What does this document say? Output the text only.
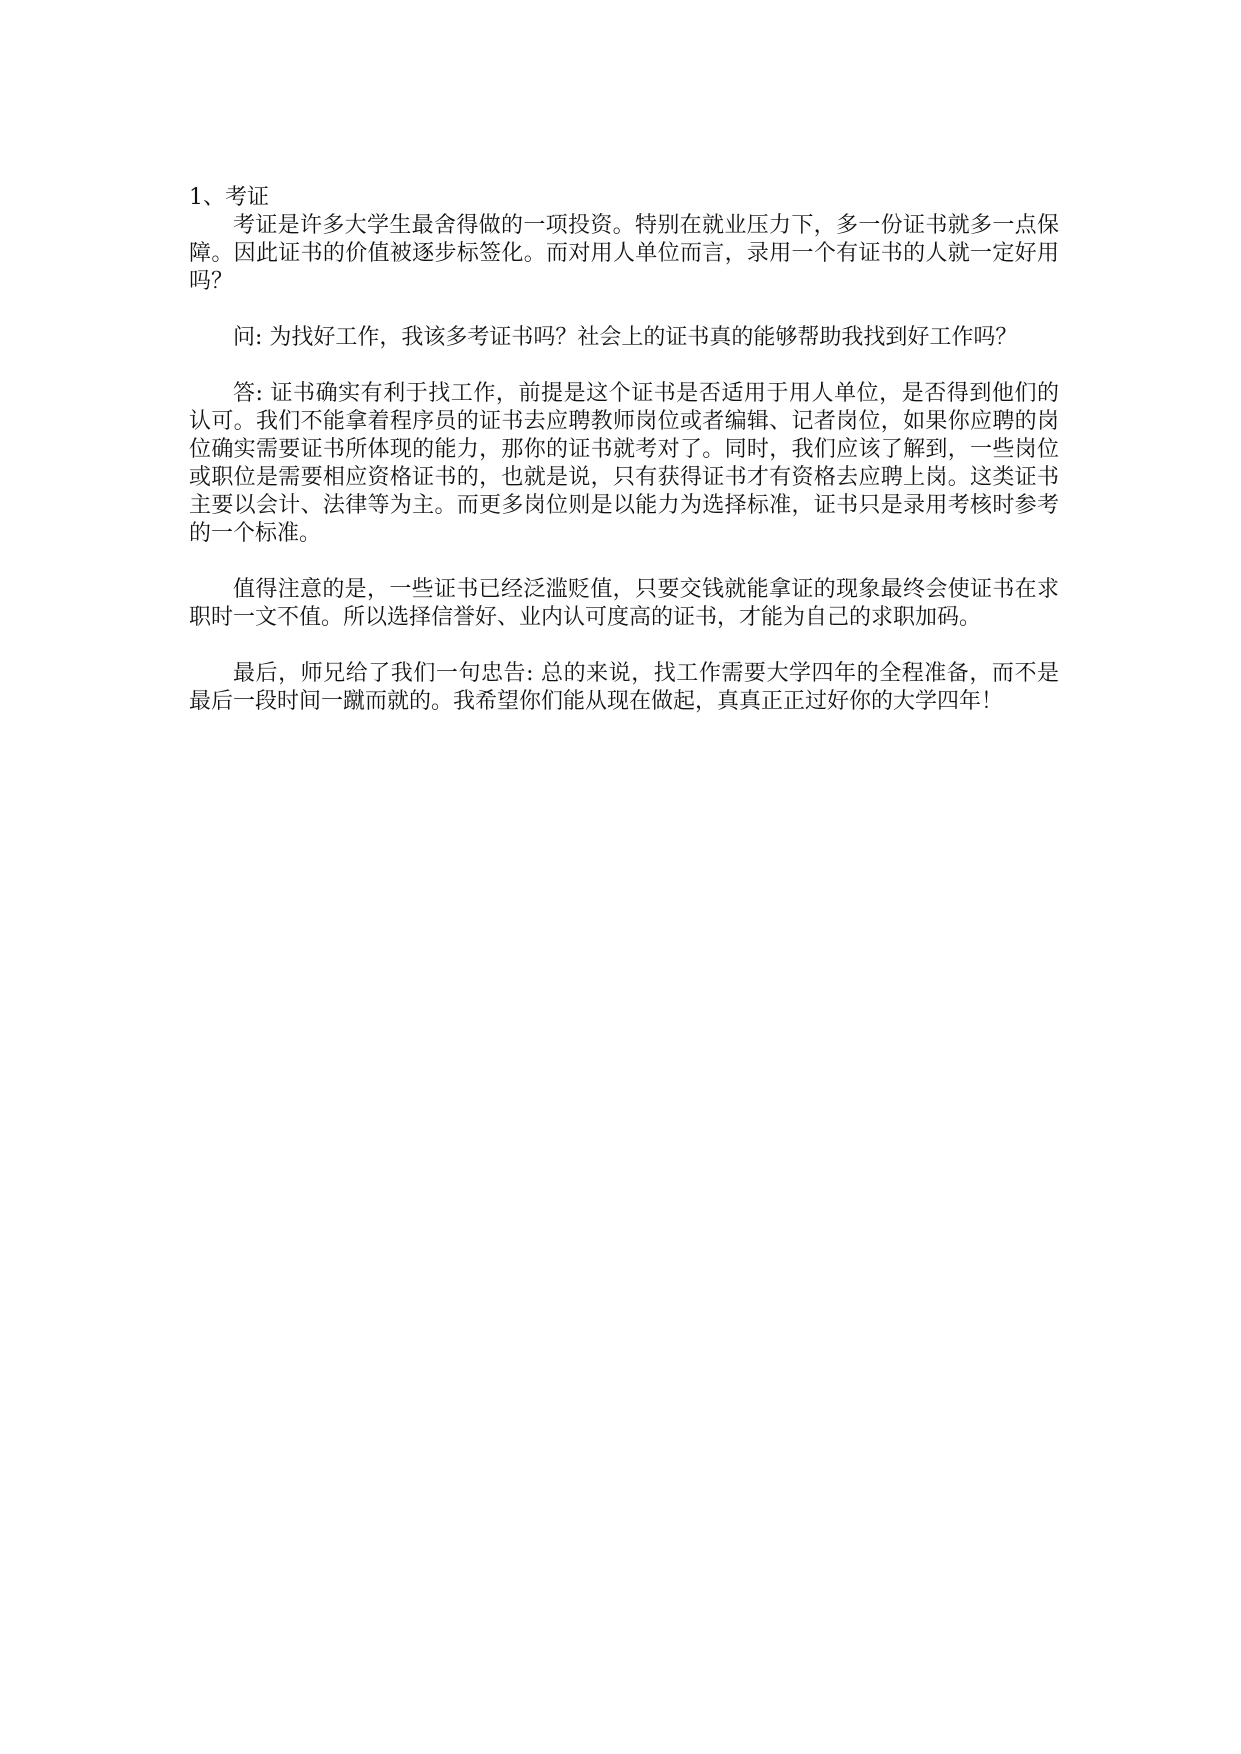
1、考证

考证是许多大学生最舍得做的一项投资。特别在就业压力下，多一份证书就多一点保障。因此证书的价值被逐步标签化。而对用人单位而言，录用一个有证书的人就一定好用吗？

问: 为找好工作，我该多考证书吗？社会上的证书真的能够帮助我找到好工作吗？

答: 证书确实有利于找工作，前提是这个证书是否适用于用人单位，是否得到他们的认可。我们不能拿着程序员的证书去应聘教师岗位或者编辑、记者岗位，如果你应聘的岗位确实需要证书所体现的能力，那你的证书就考对了。同时，我们应该了解到，一些岗位或职位是需要相应资格证书的，也就是说，只有获得证书才有资格去应聘上岗。这类证书主要以会计、法律等为主。而更多岗位则是以能力为选择标准，证书只是录用考核时参考的一个标准。

值得注意的是，一些证书已经泛滥贬值，只要交钱就能拿证的现象最终会使证书在求职时一文不值。所以选择信誉好、业内认可度高的证书，才能为自己的求职加码。

最后，师兄给了我们一句忠告: 总的来说，找工作需要大学四年的全程准备，而不是最后一段时间一蹴而就的。我希望你们能从现在做起，真真正正过好你的大学四年！
